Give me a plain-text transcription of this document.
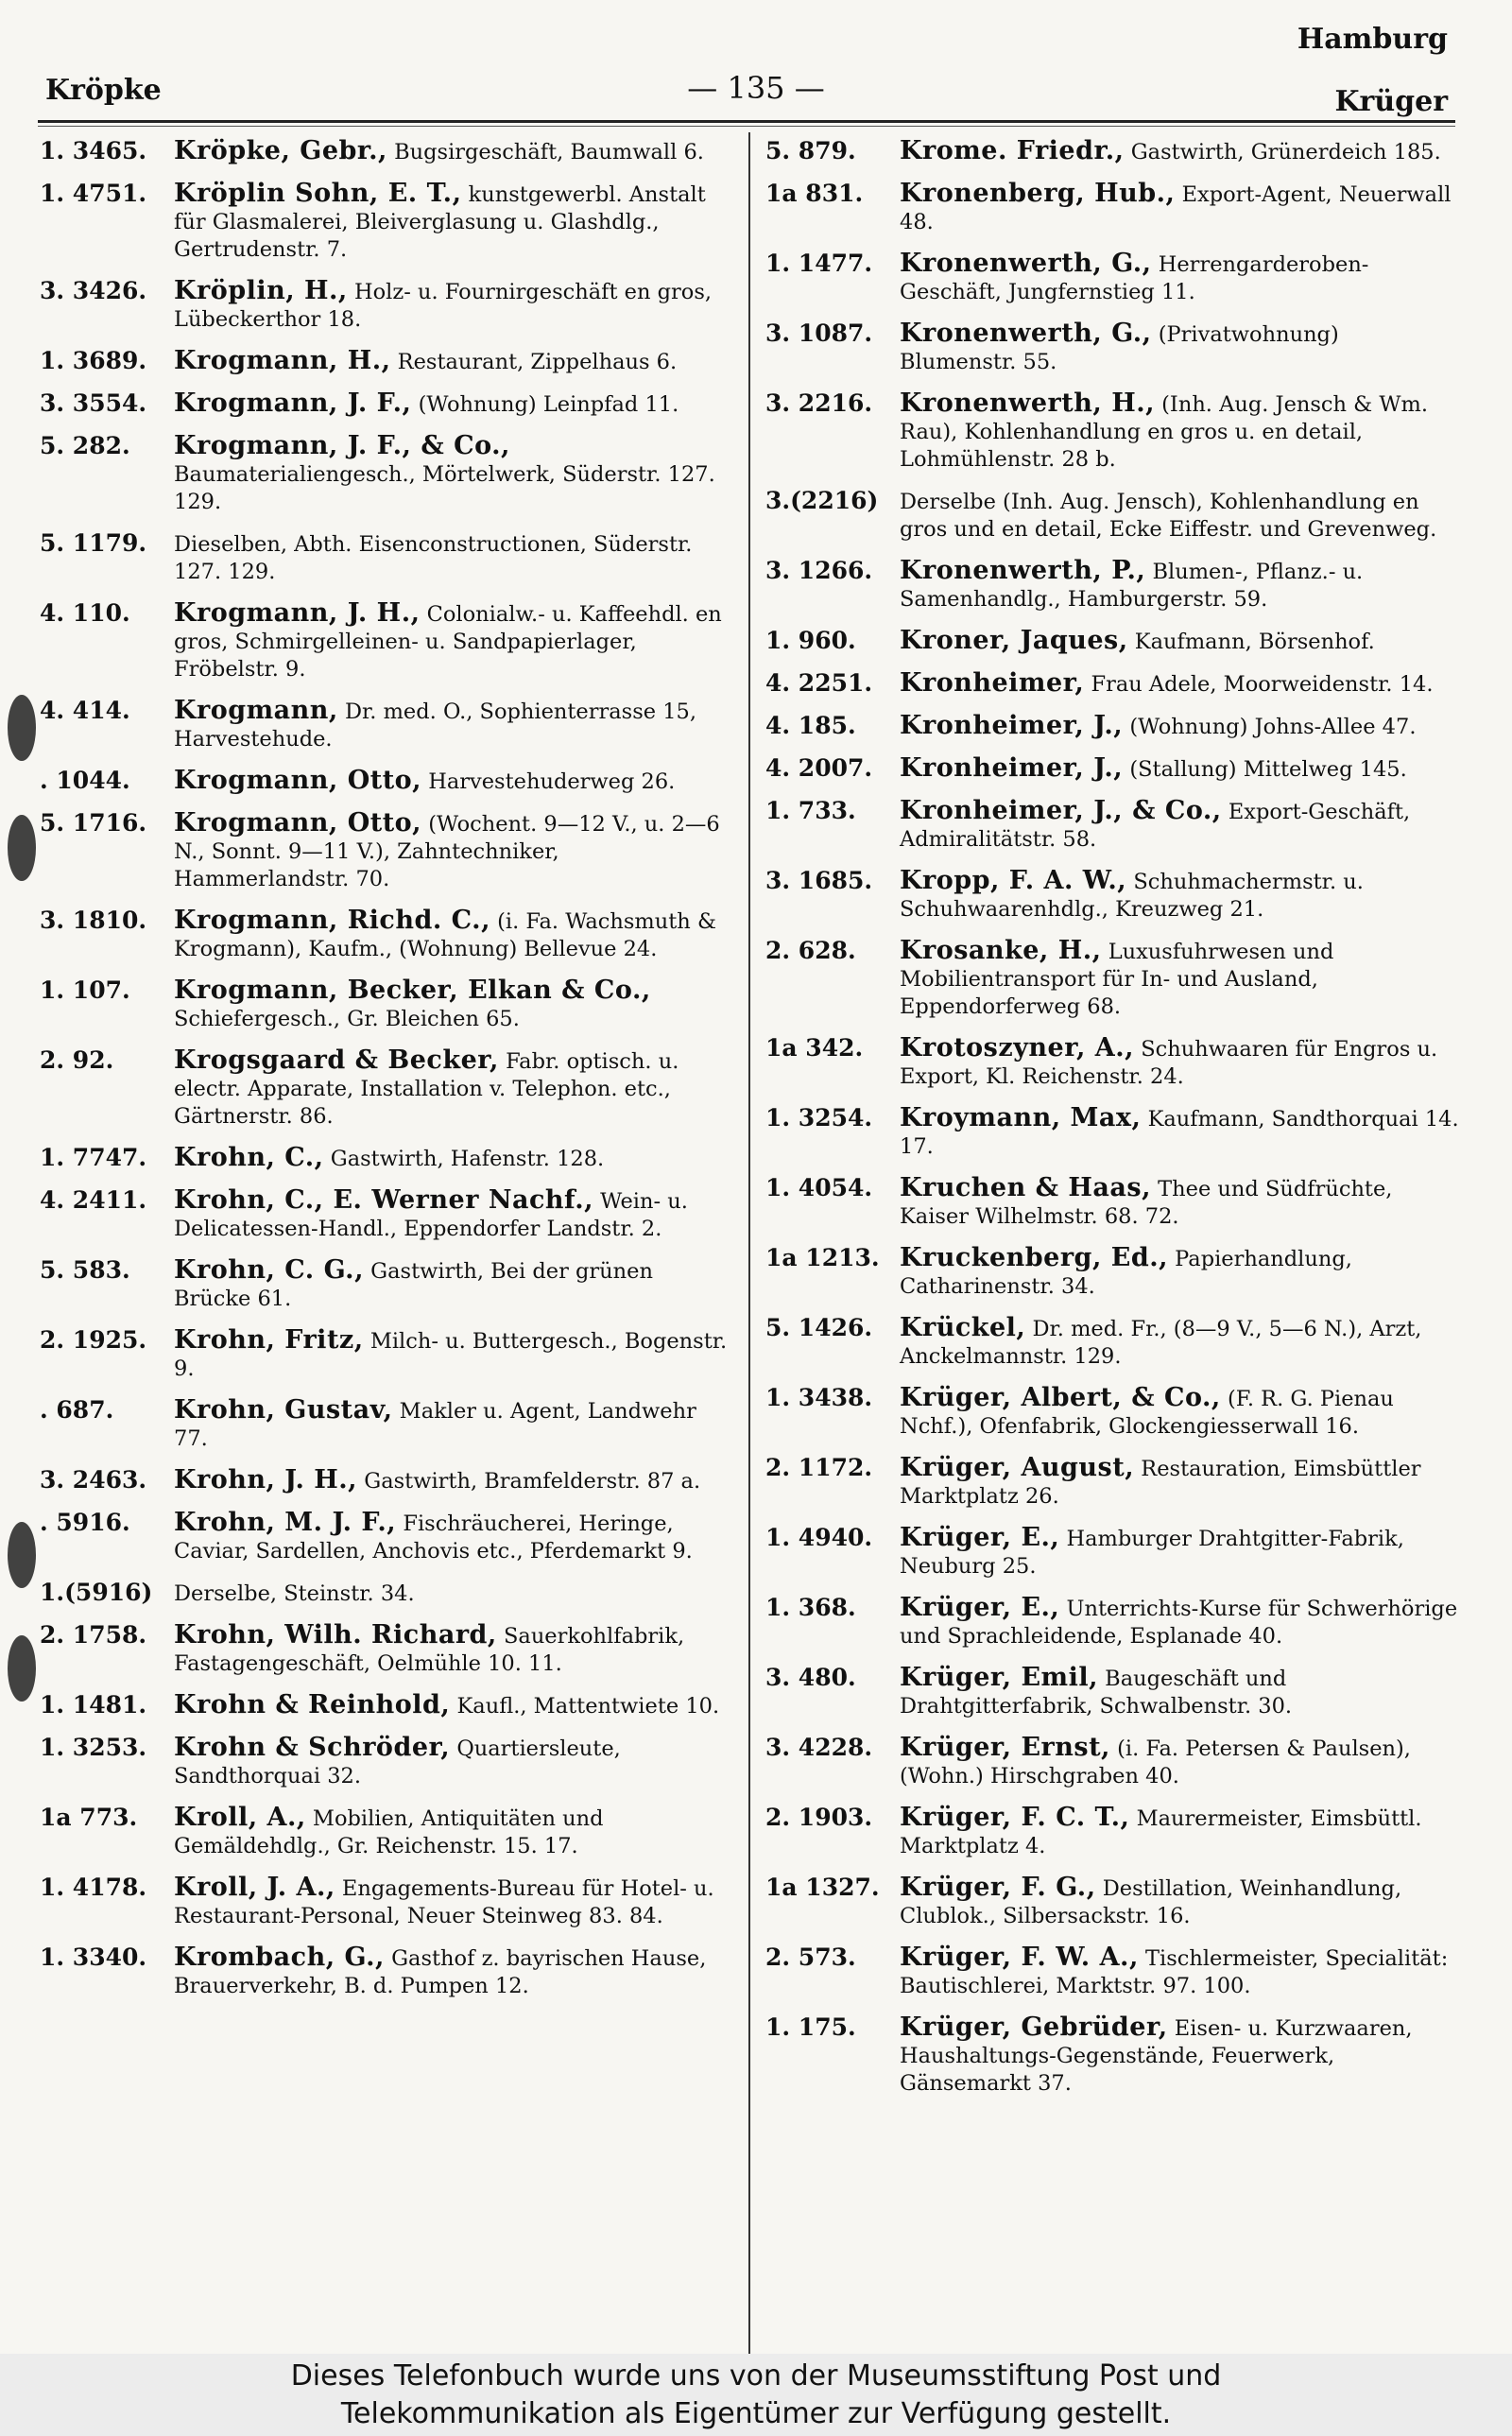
Kröpke	— 135 —
Hamburg
Krüger
1. 3465.	Kröpke, Gebr., Bugsirgeschäft, Baumwall 6.
1. 4751.	Kröplin Sohn, E. T., kunstgewerbl. Anstalt für Glasmalerei, Bleiverglasung u. Glashdlg., Gertrudenstr. 7.
3. 3426.	Kröplin, H., Holz- u. Fournirgeschäft en gros, Lübeckerthor 18.
1. 3689.	Krogmann, H., Restaurant, Zippelhaus 6.
3. 3554.	Krogmann, J. F., (Wohnung) Leinpfad 11.
5. 282.	Krogmann, J. F., & Co., Baumaterialiengesch., Mörtelwerk, Süderstr. 127. 129.
5. 1179.	Dieselben, Abth. Eisenconstructionen, Süderstr. 127. 129.
4. 110.	Krogmann, J. H., Colonialw.- u. Kaffeehdl. en gros, Schmirgelleinen- u. Sandpapierlager, Fröbelstr. 9.
4. 414.	Krogmann, Dr. med. O., Sophienterrasse 15, Harvestehude.
. 1044.	Krogmann, Otto, Harvestehuderweg 26.
5. 1716.	Krogmann, Otto, (Wochent. 9—12 V., u. 2—6 N., Sonnt. 9—11 V.), Zahntechniker, Hammerlandstr. 70.
3. 1810.	Krogmann, Richd. C., (i. Fa. Wachsmuth & Krogmann), Kaufm., (Wohnung) Bellevue 24.
1. 107.	Krogmann, Becker, Elkan & Co., Schiefergesch., Gr. Bleichen 65.
2. 92.	Krogsgaard & Becker, Fabr. optisch. u. electr. Apparate, Installation v. Telephon. etc., Gärtnerstr. 86.
1. 7747.	Krohn, C., Gastwirth, Hafenstr. 128.
4. 2411.	Krohn, C., E. Werner Nachf., Wein- u. Delicatessen-Handl., Eppendorfer Landstr. 2.
5. 583.	Krohn, C. G., Gastwirth, Bei der grünen Brücke 61.
2. 1925.	Krohn, Fritz, Milch- u. Buttergesch., Bogenstr. 9.
. 687.	Krohn, Gustav, Makler u. Agent, Landwehr 77.
3. 2463.	Krohn, J. H., Gastwirth, Bramfelderstr. 87 a.
. 5916.	Krohn, M. J. F., Fischräucherei, Heringe, Caviar, Sardellen, Anchovis etc., Pferdemarkt 9.
1.(5916)	Derselbe, Steinstr. 34.
2. 1758.	Krohn, Wilh. Richard, Sauerkohlfabrik, Fastagengeschäft, Oelmühle 10. 11.
1. 1481.	Krohn & Reinhold, Kaufl., Mattentwiete 10.
1. 3253.	Krohn & Schröder, Quartiersleute, Sandthorquai 32.
1a 773.	Kroll, A., Mobilien, Antiquitäten und Gemäldehdlg., Gr. Reichenstr. 15. 17.
1. 4178.	Kroll, J. A., Engagements-Bureau für Hotel- u. Restaurant-Personal, Neuer Steinweg 83. 84.
1. 3340.	Krombach, G., Gasthof z. bayrischen Hause, Brauerverkehr, B. d. Pumpen 12.
5. 879.	Krome. Friedr., Gastwirth, Grünerdeich 185.
1a 831.	Kronenberg, Hub., Export-Agent, Neuerwall 48.
1. 1477.	Kronenwerth, G., Herrengarderoben-Geschäft, Jungfernstieg 11.
3. 1087.	Kronenwerth, G., (Privatwohnung) Blumenstr. 55.
3. 2216.	Kronenwerth, H., (Inh. Aug. Jensch & Wm. Rau), Kohlenhandlung en gros u. en detail, Lohmühlenstr. 28 b.
3.(2216)	Derselbe (Inh. Aug. Jensch), Kohlenhandlung en gros und en detail, Ecke Eiffestr. und Grevenweg.
3. 1266.	Kronenwerth, P., Blumen-, Pflanz.- u. Samenhandlg., Hamburgerstr. 59.
1. 960.	Kroner, Jaques, Kaufmann, Börsenhof.
4. 2251.	Kronheimer, Frau Adele, Moorweidenstr. 14.
4. 185.	Kronheimer, J., (Wohnung) Johns-Allee 47.
4. 2007.	Kronheimer, J., (Stallung) Mittelweg 145.
1. 733.	Kronheimer, J., & Co., Export-Geschäft, Admiralitätstr. 58.
3. 1685.	Kropp, F. A. W., Schuhmachermstr. u. Schuhwaarenhdlg., Kreuzweg 21.
2. 628.	Krosanke, H., Luxusfuhrwesen und Mobilientransport für In- und Ausland, Eppendorferweg 68.
1a 342.	Krotoszyner, A., Schuhwaaren für Engros u. Export, Kl. Reichenstr. 24.
1. 3254.	Kroymann, Max, Kaufmann, Sandthorquai 14. 17.
1. 4054.	Kruchen & Haas, Thee und Südfrüchte, Kaiser Wilhelmstr. 68. 72.
1a 1213. Kruckenberg, Ed., Papierhandlung, Catharinenstr. 34.
5. 1426.	Krückel, Dr. med. Fr., (8—9 V., 5—6 N.), Arzt, Anckelmannstr. 129.
1. 3438.	Krüger, Albert, & Co., (F. R. G. Pienau Nchf.), Ofenfabrik, Glockengiesserwall 16.
2. 1172.	Krüger, August, Restauration, Eimsbüttler Marktplatz 26.
1. 4940.	Krüger, E., Hamburger Drahtgitter-Fabrik, Neuburg 25.
1. 368.	Krüger, E., Unterrichts-Kurse für Schwerhörige und Sprachleidende, Esplanade 40.
3. 480.	Krüger, Emil, Baugeschäft und Drahtgitterfabrik, Schwalbenstr. 30.
3. 4228.	Krüger, Ernst, (i. Fa. Petersen & Paulsen), (Wohn.) Hirschgraben 40.
2. 1903.	Krüger, F. C. T., Maurermeister, Eimsbüttl. Marktplatz 4.
1a 1327. Krüger, F. G., Destillation, Weinhandlung, Clublok., Silbersackstr. 16.
2. 573.	Krüger, F. W. A., Tischlermeister, Specialität: Bautischlerei, Marktstr. 97. 100.
1. 175.	Krüger, Gebrüder, Eisen- u. Kurzwaaren, Haushaltungs-Gegenstände, Feuerwerk, Gänsemarkt 37.
Dieses Telefonbuch wurde uns von der Museumsstiftung Post und
Telekommunikation als Eigentümer zur Verfügung gestellt.
